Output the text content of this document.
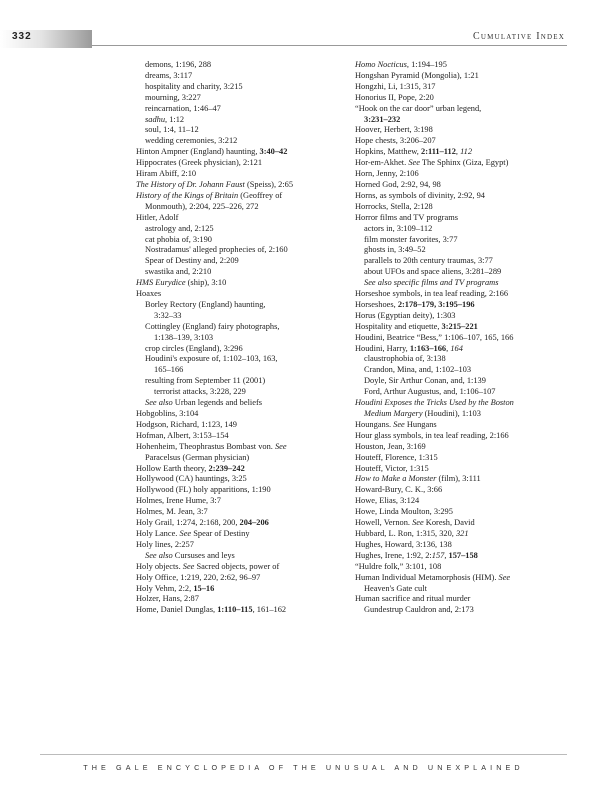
332	Cumulative Index
demons, 1:196, 288
dreams, 3:117
hospitality and charity, 3:215
mourning, 3:227
reincarnation, 1:46–47
sadhu, 1:12
soul, 1:4, 11–12
wedding ceremonies, 3:212
Hinton Ampner (England) haunting, 3:40–42
Hippocrates (Greek physician), 2:121
Hiram Abiff, 2:10
The History of Dr. Johann Faust (Speiss), 2:65
History of the Kings of Britain (Geoffrey of
Monmouth), 2:204, 225–226, 272
Hitler, Adolf
astrology and, 2:125
cat phobia of, 3:190
Nostradamus' alleged prophecies of, 2:160
Spear of Destiny and, 2:209
swastika and, 2:210
HMS Eurydice (ship), 3:10
Hoaxes
Borley Rectory (England) haunting,
3:32–33
Cottingley (England) fairy photographs,
1:138–139, 3:103
crop circles (England), 3:296
Houdini's exposure of, 1:102–103, 163,
165–166
resulting from September 11 (2001)
terrorist attacks, 3:228, 229
See also Urban legends and beliefs
Hobgoblins, 3:104
Hodgson, Richard, 1:123, 149
Hofman, Albert, 3:153–154
Hohenheim, Theophrastus Bombast von. See
Paracelsus (German physician)
Hollow Earth theory, 2:239–242
Hollywood (CA) hauntings, 3:25
Hollywood (FL) holy apparitions, 1:190
Holmes, Irene Hume, 3:7
Holmes, M. Jean, 3:7
Holy Grail, 1:274, 2:168, 200, 204–206
Holy Lance. See Spear of Destiny
Holy lines, 2:257
See also Cursuses and leys
Holy objects. See Sacred objects, power of
Holy Office, 1:219, 220, 2:62, 96–97
Holy Vehm, 2:2, 15–16
Holzer, Hans, 2:87
Home, Daniel Dunglas, 1:110–115, 161–162
Homo Nocticus, 1:194–195
Hongshan Pyramid (Mongolia), 1:21
Hongzhi, Li, 1:315, 317
Honorius II, Pope, 2:20
“Hook on the car door” urban legend,
3:231–232
Hoover, Herbert, 3:198
Hope chests, 3:206–207
Hopkins, Matthew, 2:111–112, 112
Hor-em-Akhet. See The Sphinx (Giza, Egypt)
Horn, Jenny, 2:106
Horned God, 2:92, 94, 98
Horns, as symbols of divinity, 2:92, 94
Horrocks, Stella, 2:128
Horror films and TV programs
actors in, 3:109–112
film monster favorites, 3:77
ghosts in, 3:49–52
parallels to 20th century traumas, 3:77
about UFOs and space aliens, 3:281–289
See also specific films and TV programs
Horseshoe symbols, in tea leaf reading, 2:166
Horseshoes, 2:178–179, 3:195–196
Horus (Egyptian deity), 1:303
Hospitality and etiquette, 3:215–221
Houdini, Beatrice “Bess,” 1:106–107, 165, 166
Houdini, Harry, 1:163–166, 164
claustrophobia of, 3:138
Crandon, Mina, and, 1:102–103
Doyle, Sir Arthur Conan, and, 1:139
Ford, Arthur Augustus, and, 1:106–107
Houdini Exposes the Tricks Used by the Boston
Medium Margery (Houdini), 1:103
Houngans. See Hungans
Hour glass symbols, in tea leaf reading, 2:166
Houston, Jean, 3:169
Houteff, Florence, 1:315
Houteff, Victor, 1:315
How to Make a Monster (film), 3:111
Howard-Bury, C. K., 3:66
Howe, Elias, 3:124
Howe, Linda Moulton, 3:295
Howell, Vernon. See Koresh, David
Hubbard, L. Ron, 1:315, 320, 321
Hughes, Howard, 3:136, 138
Hughes, Irene, 1:92, 2:157, 157–158
“Huldre folk,” 3:101, 108
Human Individual Metamorphosis (HIM). See
Heaven's Gate cult
Human sacrifice and ritual murder
Gundestrup Cauldron and, 2:173
THE GALE ENCYCLOPEDIA OF THE UNUSUAL AND UNEXPLAINED
